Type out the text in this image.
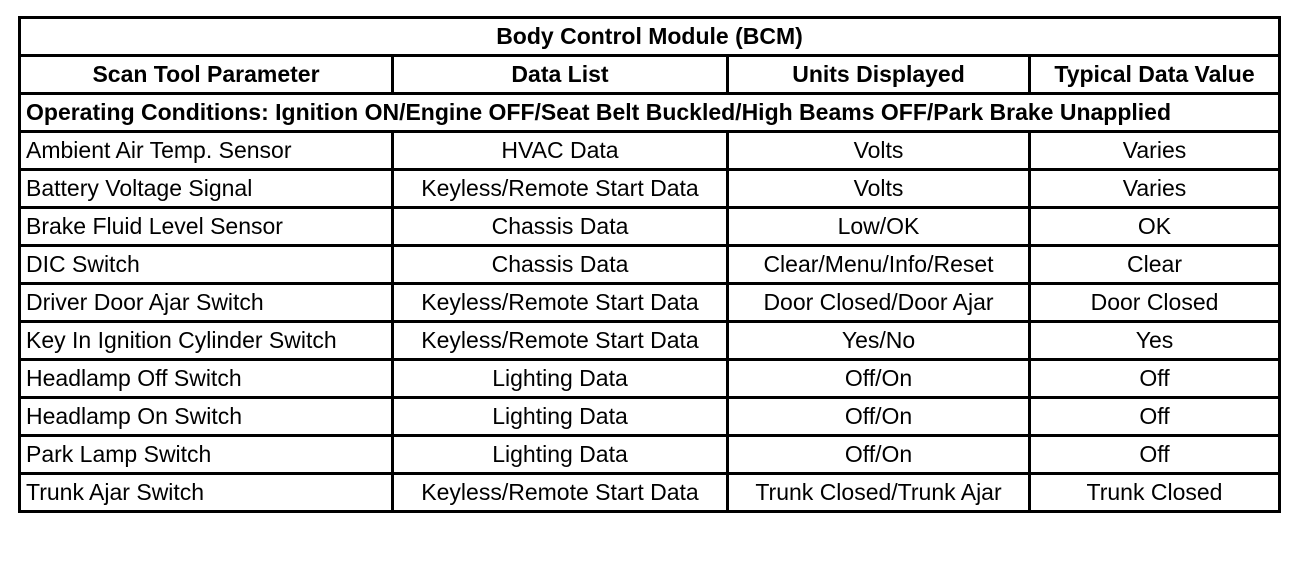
Body Control Module (BCM)			
Scan Tool Parameter	Data List	Units Displayed	Typical Data Value
Operating Conditions: Ignition ON/Engine OFF/Seat Belt Buckled/High Beams OFF/Park Brake Unapplied			
Ambient Air Temp. Sensor	HVAC Data	Volts	Varies
Battery Voltage Signal	Keyless/Remote Start Data	Volts	Varies
Brake Fluid Level Sensor	Chassis Data	Low/OK	OK
DIC Switch	Chassis Data	Clear/Menu/Info/Reset	Clear
Driver Door Ajar Switch	Keyless/Remote Start Data	Door Closed/Door Ajar	Door Closed
Key In Ignition Cylinder Switch	Keyless/Remote Start Data	Yes/No	Yes
Headlamp Off Switch	Lighting Data	Off/On	Off
Headlamp On Switch	Lighting Data	Off/On	Off
Park Lamp Switch	Lighting Data	Off/On	Off
Trunk Ajar Switch	Keyless/Remote Start Data	Trunk Closed/Trunk Ajar	Trunk Closed
